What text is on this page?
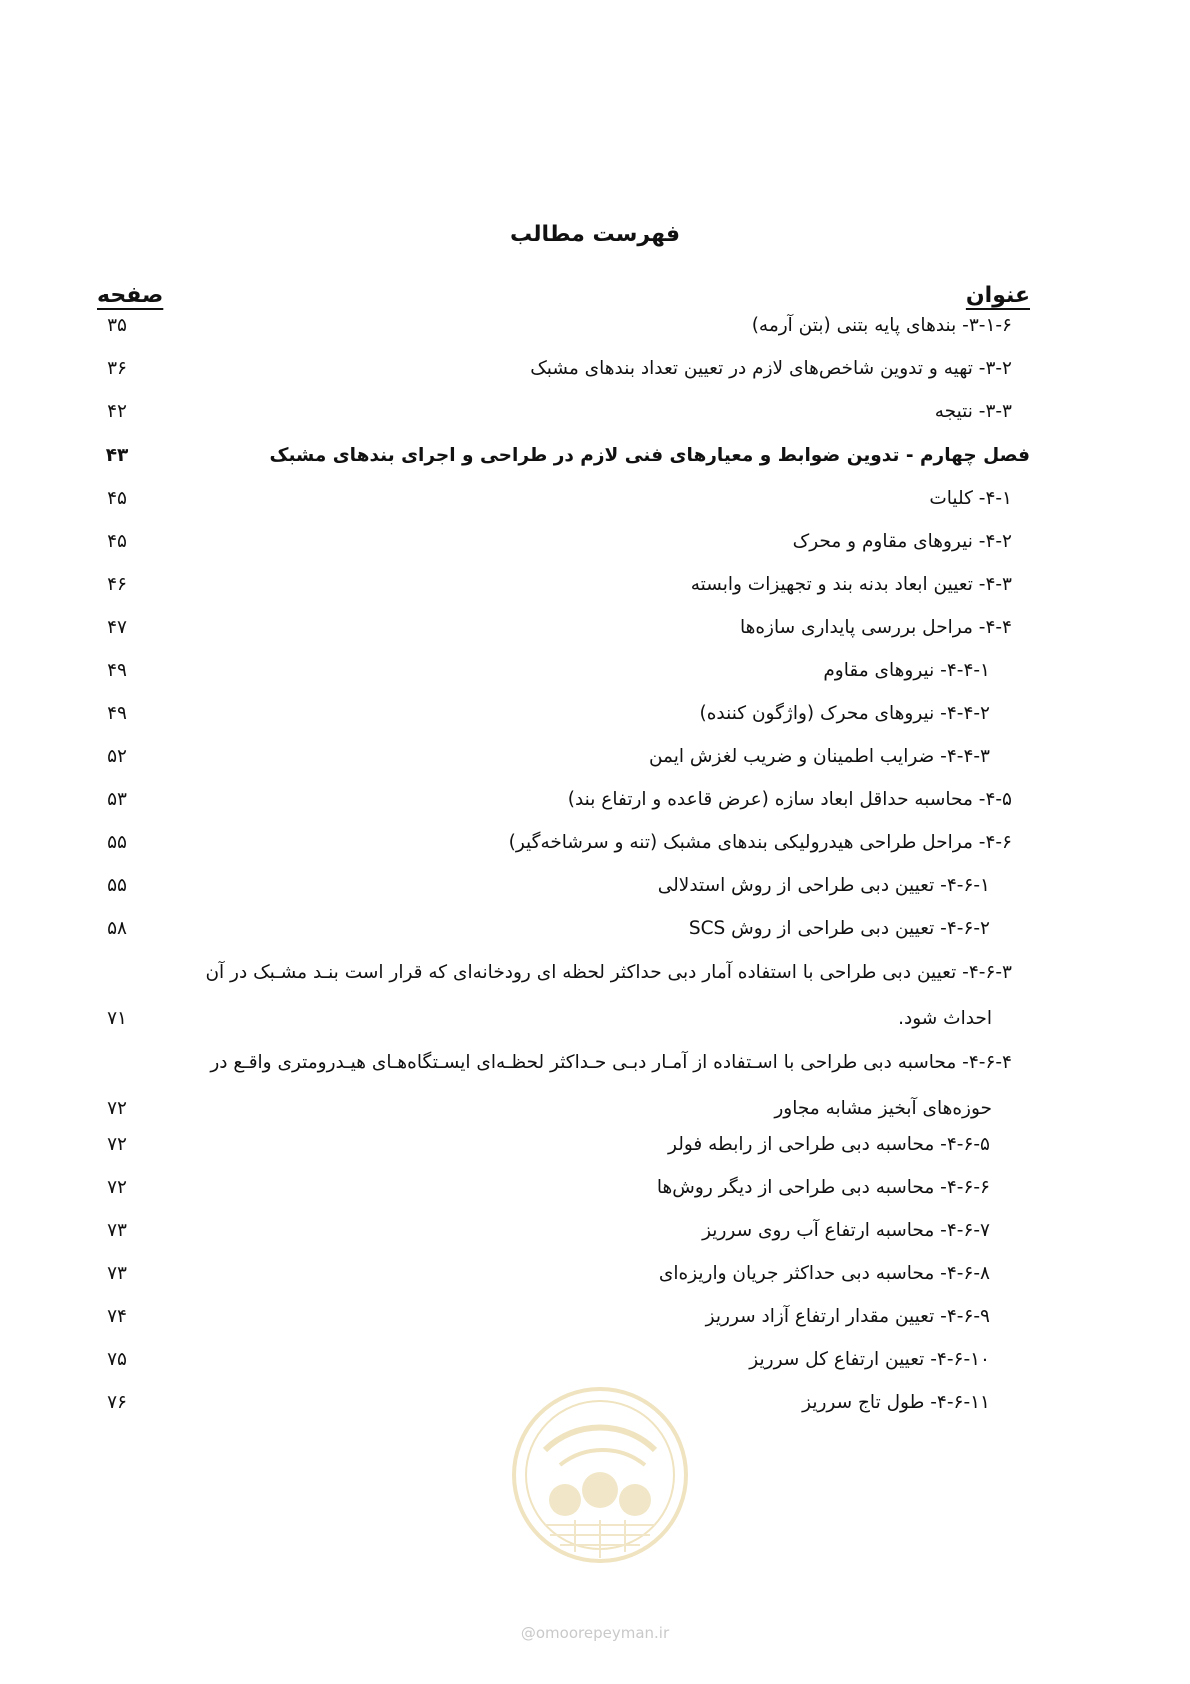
فهرست مطالب
عنوان
صفحه
۳-۱-۶- بندهای پایه بتنی (بتن آرمه)
۳۵
۳-۲- تهیه و تدوین شاخص‌های لازم در تعیین تعداد بندهای مشبک
۳۶
۳-۳- نتیجه
۴۲
فصل چهارم - تدوین ضوابط و معیارهای فنی لازم در طراحی و اجرای بندهای مشبک
۴۳
۴-۱- کلیات
۴۵
۴-۲- نیروهای مقاوم و محرک
۴۵
۴-۳- تعیین ابعاد بدنه بند و تجهیزات وابسته
۴۶
۴-۴- مراحل بررسی پایداری سازه‌ها
۴۷
۴-۴-۱- نیروهای مقاوم
۴۹
۴-۴-۲- نیروهای محرک (واژگون کننده)
۴۹
۴-۴-۳- ضرایب اطمینان و ضریب لغزش ایمن
۵۲
۴-۵- محاسبه حداقل ابعاد سازه (عرض قاعده و ارتفاع بند)
۵۳
۴-۶- مراحل طراحی هیدرولیکی بندهای مشبک (تنه و سرشاخه‌گیر)
۵۵
۴-۶-۱- تعیین دبی طراحی از روش استدلالی
۵۵
۴-۶-۲- تعیین دبی طراحی از روش SCS
۵۸
۴-۶-۳- تعیین دبی طراحی با استفاده آمار دبی حداکثر لحظه ای رودخانه‌ای که قرار است بنـد مشـبک در آن
احداث شود.
۷۱
۴-۶-۴- محاسبه دبی طراحی با اسـتفاده از آمـار دبـی حـداکثر لحظـه‌ای ایسـتگاه‌هـای هیـدرومتری واقـع در
حوزه‌های آبخیز مشابه مجاور
۷۲
۴-۶-۵- محاسبه دبی طراحی از رابطه فولر
۷۲
۴-۶-۶- محاسبه دبی طراحی از دیگر روش‌ها
۷۲
۴-۶-۷- محاسبه ارتفاع آب روی سرریز
۷۳
۴-۶-۸- محاسبه دبی حداکثر جریان واریزه‌ای
۷۳
۴-۶-۹- تعیین مقدار ارتفاع آزاد سرریز
۷۴
۴-۶-۱۰- تعیین ارتفاع کل سرریز
۷۵
۴-۶-۱۱- طول تاج سرریز
۷۶
@omoorepeyman.ir
